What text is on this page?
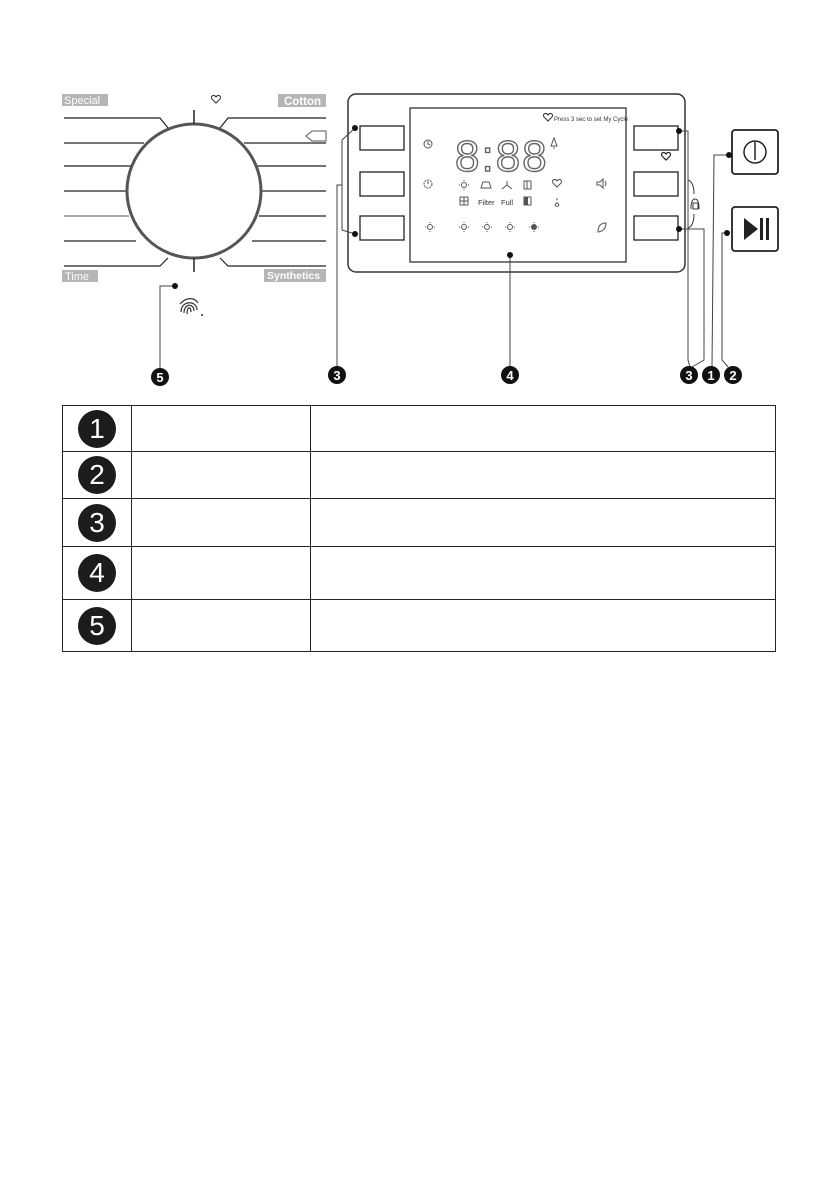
Special	Cotton
Time	Synthetics
Press 3 sec to set My Cycle
8:88
Filter Full
5	3	4	3 1 2
1		
2		
3		
4		
5		
